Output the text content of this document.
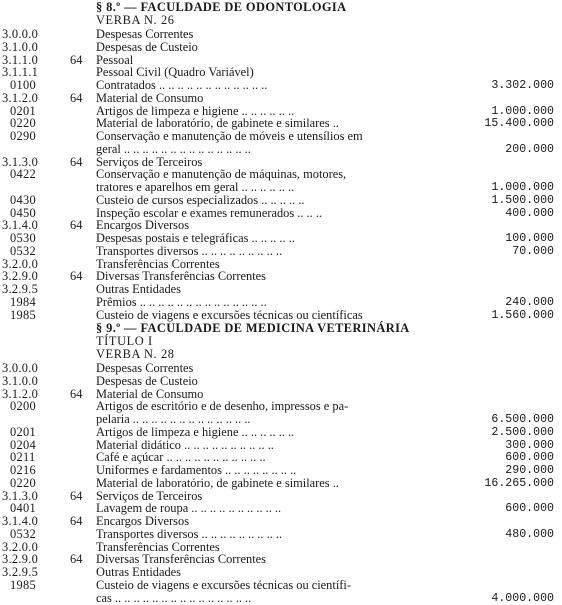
§ 8.º — FACULDADE DE ODONTOLOGIA
VERBA N. 26
3.0.0.0	Despesas Correntes
3.1.0.0	Despesas de Custeio
3.1.1.0	64	Pessoal
3.1.1.1	Pessoal Civil (Quadro Variável)
0100	Contratados .. .. .. .. .. .. .. .. .. .. .. ..	3.302.000
3.1.2.0	64	Material de Consumo
0201	Artigos de limpeza e higiene .. .. .. .. .. ..	1.000.000
0220	Material de laboratório, de gabinete e similares ..	15.400.000
0290	Conservação e manutenção de móveis e utensílios em
geral .. .. .. .. .. .. .. .. .. .. .. .. .. ..	200.000
3.1.3.0	64	Serviços de Terceiros
0422	Conservação e manutenção de máquinas, motores,
tratores e aparelhos em geral .. .. .. .. .. ..	1.000.000
0430	Custeio de cursos especializados .. .. .. .. ..	1.500.000
0450	Inspeção escolar e exames remunerados .. .. ..	400.000
3.1.4.0	64	Encargos Diversos
0530	Despesas postais e telegráficas .. .. .. .. ..	100.000
0532	Transportes diversos .. .. .. .. .. .. .. .. ..	70.000
3.2.0.0	Transferências Correntes
3.2.9.0	64	Diversas Transferências Correntes
3.2.9.5	Outras Entidades
1984	Prêmios .. .. .. .. .. .. .. .. .. .. .. .. .. ..	240.000
1985	Custeio de viagens e excursões técnicas ou científicas	1.560.000
§ 9.º — FACULDADE DE MEDICINA VETERINÁRIA
TÍTULO I
VERBA N. 28
3.0.0.0	Despesas Correntes
3.1.0.0	Despesas de Custeio
3.1.2.0	64	Material de Consumo
0200	Artigos de escritório e de desenho, impressos e pa-
pelaria .. .. .. .. .. .. .. .. .. .. .. .. ..	6.500.000
0201	Artigos de limpeza e higiene .. .. .. .. .. ..	2.500.000
0204	Material didático .. .. .. .. .. .. .. .. .. ..	300.000
0211	Café e açúcar .. .. .. .. .. .. .. .. .. .. ..	600.000
0216	Uniformes e fardamentos .. .. .. .. .. .. .. ..	290.000
0220	Material de laboratório, de gabinete e similares ..	16.265.000
3.1.3.0	64	Serviços de Terceiros
0401	Lavagem de roupa .. .. .. .. .. .. .. .. .. ..	600.000
3.1.4.0	64	Encargos Diversos
0532	Transportes diversos .. .. .. .. .. .. .. .. ..	480.000
3.2.0.0	Transferências Correntes
3.2.9.0	64	Diversas Transferências Correntes
3.2.9.5	Outras Entidades
1985	Custeio de viagens e excursões técnicas ou científi-
cas .. .. .. .. .. .. .. .. .. .. .. .. .. .. ..	4.000.000
